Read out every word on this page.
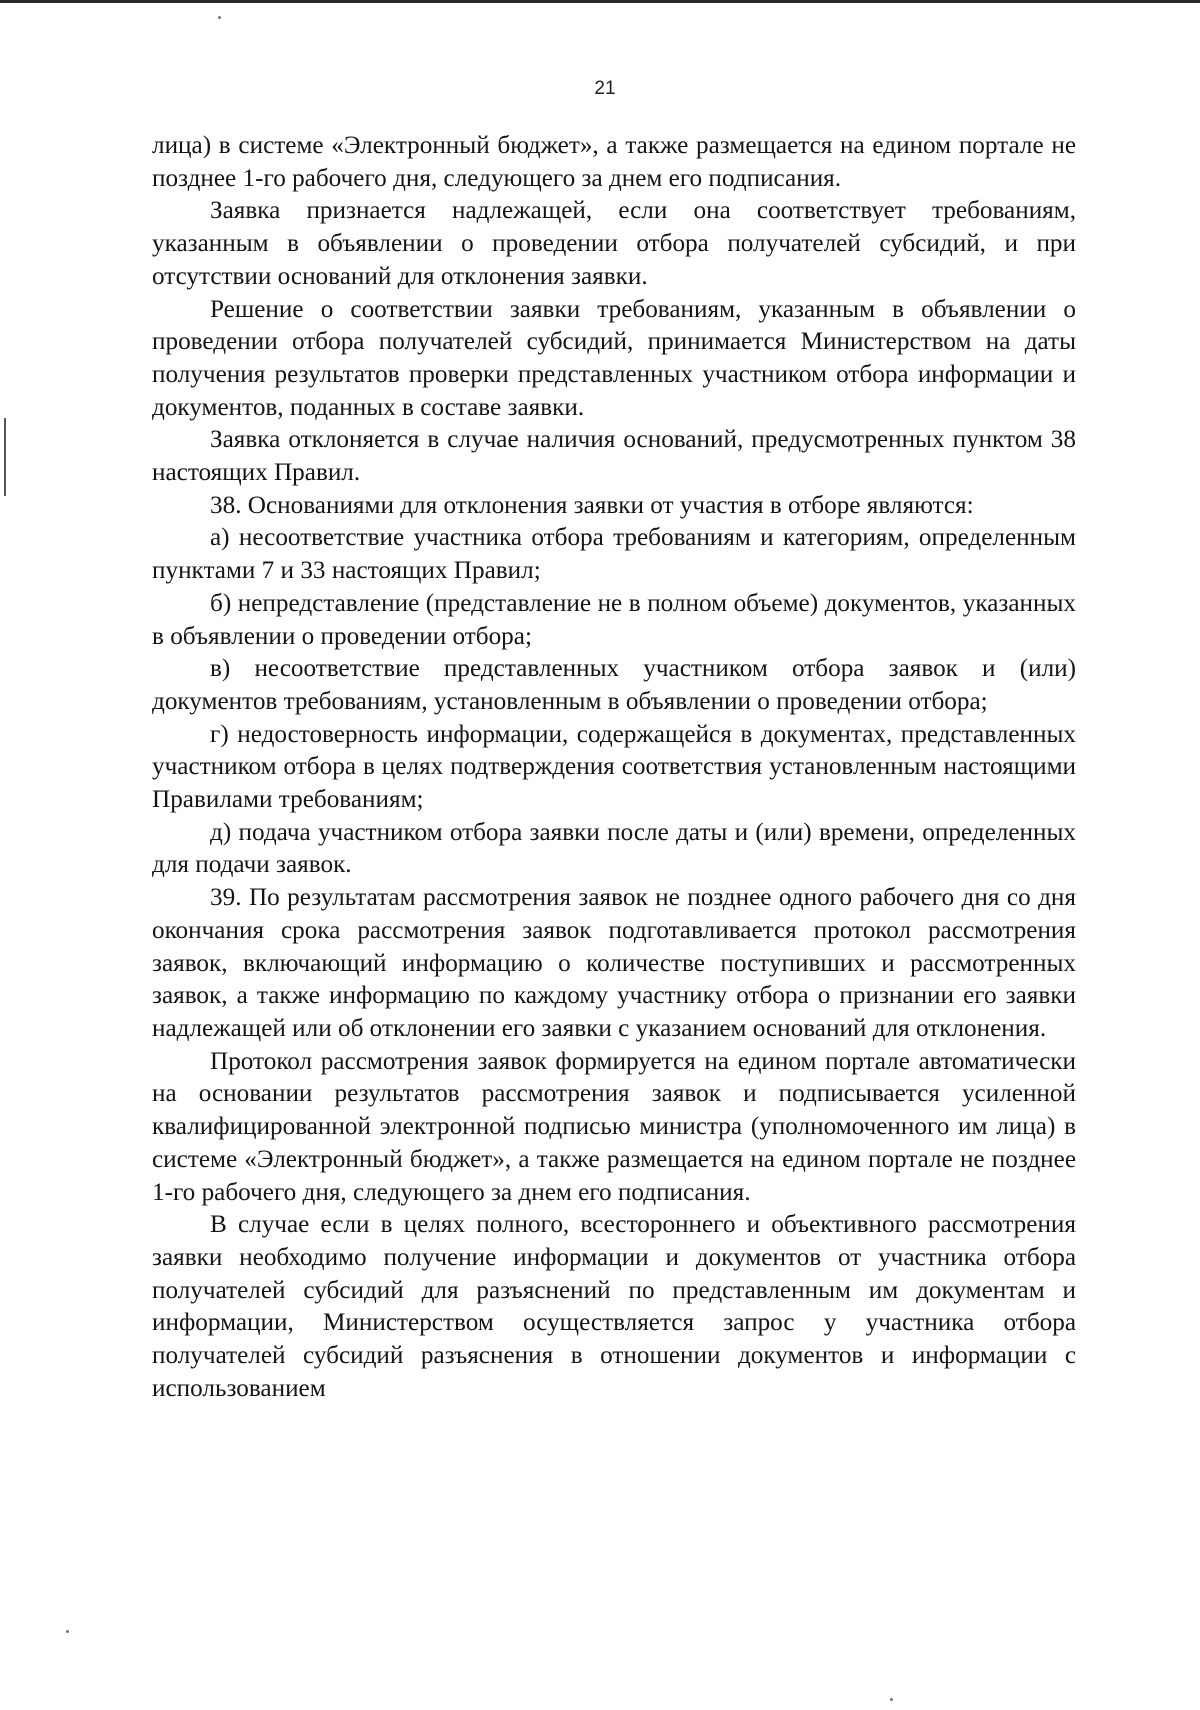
21

лица) в системе «Электронный бюджет», а также размещается на едином портале не позднее 1-го рабочего дня, следующего за днем его подписания.

Заявка признается надлежащей, если она соответствует требованиям, указанным в объявлении о проведении отбора получателей субсидий, и при отсутствии оснований для отклонения заявки.

Решение о соответствии заявки требованиям, указанным в объявлении о проведении отбора получателей субсидий, принимается Министерством на даты получения результатов проверки представленных участником отбора информации и документов, поданных в составе заявки.

Заявка отклоняется в случае наличия оснований, предусмотренных пунктом 38 настоящих Правил.

38. Основаниями для отклонения заявки от участия в отборе являются:

а) несоответствие участника отбора требованиям и категориям, определенным пунктами 7 и 33 настоящих Правил;

б) непредставление (представление не в полном объеме) документов, указанных в объявлении о проведении отбора;

в) несоответствие представленных участником отбора заявок и (или) документов требованиям, установленным в объявлении о проведении отбора;

г) недостоверность информации, содержащейся в документах, представленных участником отбора в целях подтверждения соответствия установленным настоящими Правилами требованиям;

д) подача участником отбора заявки после даты и (или) времени, определенных для подачи заявок.

39. По результатам рассмотрения заявок не позднее одного рабочего дня со дня окончания срока рассмотрения заявок подготавливается протокол рассмотрения заявок, включающий информацию о количестве поступивших и рассмотренных заявок, а также информацию по каждому участнику отбора о признании его заявки надлежащей или об отклонении его заявки с указанием оснований для отклонения.

Протокол рассмотрения заявок формируется на едином портале автоматически на основании результатов рассмотрения заявок и подписывается усиленной квалифицированной электронной подписью министра (уполномоченного им лица) в системе «Электронный бюджет», а также размещается на едином портале не позднее 1-го рабочего дня, следующего за днем его подписания.

В случае если в целях полного, всестороннего и объективного рассмотрения заявки необходимо получение информации и документов от участника отбора получателей субсидий для разъяснений по представленным им документам и информации, Министерством осуществляется запрос у участника отбора получателей субсидий разъяснения в отношении документов и информации с использованием
